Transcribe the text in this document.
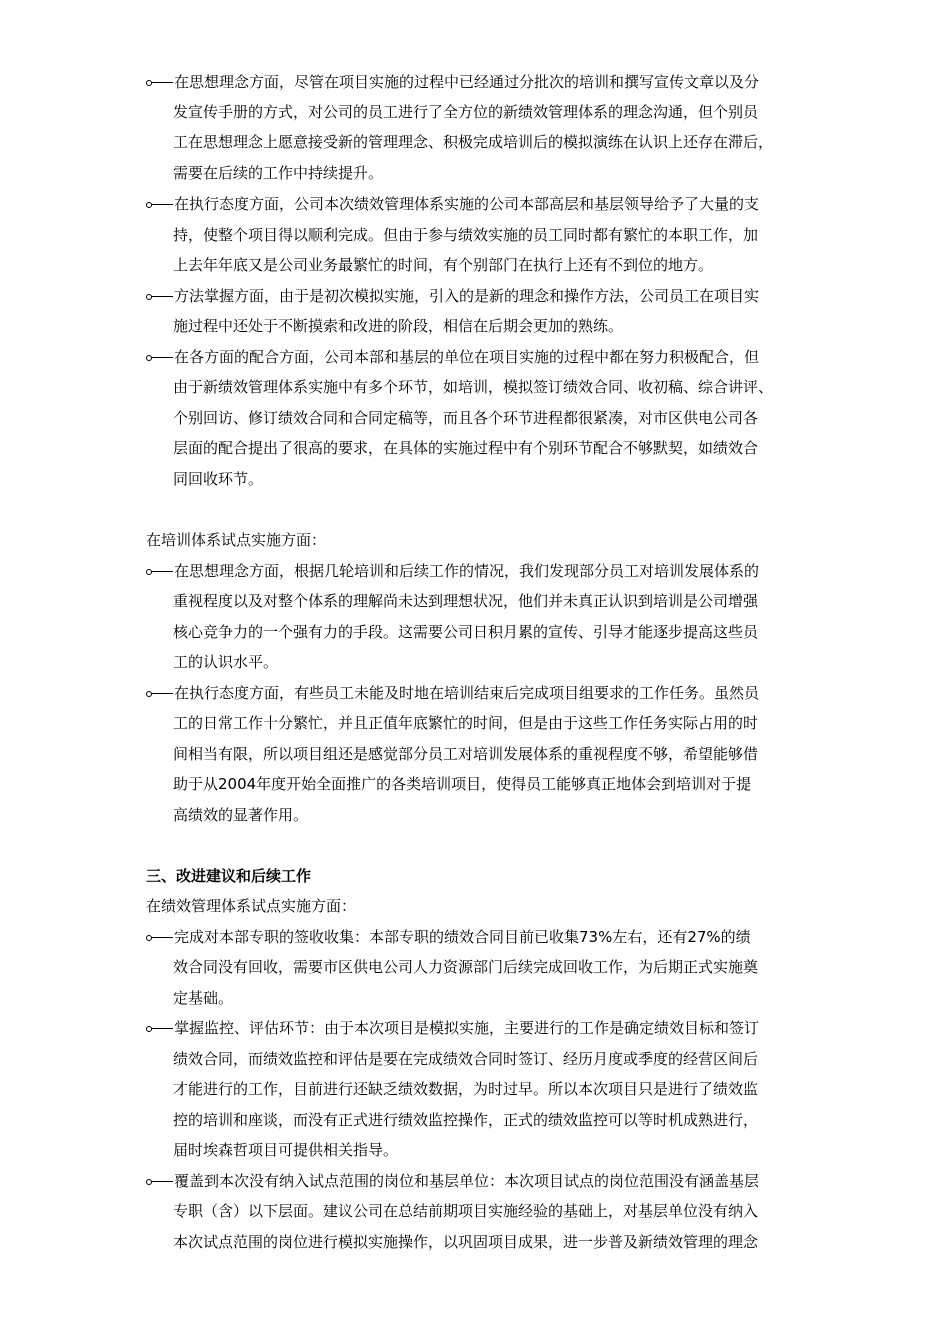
在思想理念方面，尽管在项目实施的过程中已经通过分批次的培训和撰写宣传文章以及分
发宣传手册的方式，对公司的员工进行了全方位的新绩效管理体系的理念沟通，但个别员
工在思想理念上愿意接受新的管理理念、积极完成培训后的模拟演练在认识上还存在滞后，
需要在后续的工作中持续提升。
在执行态度方面，公司本次绩效管理体系实施的公司本部高层和基层领导给予了大量的支
持，使整个项目得以顺利完成。但由于参与绩效实施的员工同时都有繁忙的本职工作，加
上去年年底又是公司业务最繁忙的时间，有个别部门在执行上还有不到位的地方。
方法掌握方面，由于是初次模拟实施，引入的是新的理念和操作方法，公司员工在项目实
施过程中还处于不断摸索和改进的阶段，相信在后期会更加的熟练。
在各方面的配合方面，公司本部和基层的单位在项目实施的过程中都在努力积极配合，但
由于新绩效管理体系实施中有多个环节，如培训，模拟签订绩效合同、收初稿、综合讲评、
个别回访、修订绩效合同和合同定稿等，而且各个环节进程都很紧凑，对市区供电公司各
层面的配合提出了很高的要求，在具体的实施过程中有个别环节配合不够默契，如绩效合
同回收环节。
在培训体系试点实施方面：
在思想理念方面，根据几轮培训和后续工作的情况，我们发现部分员工对培训发展体系的
重视程度以及对整个体系的理解尚未达到理想状况，他们并未真正认识到培训是公司增强
核心竞争力的一个强有力的手段。这需要公司日积月累的宣传、引导才能逐步提高这些员
工的认识水平。
在执行态度方面，有些员工未能及时地在培训结束后完成项目组要求的工作任务。虽然员
工的日常工作十分繁忙，并且正值年底繁忙的时间，但是由于这些工作任务实际占用的时
间相当有限，所以项目组还是感觉部分员工对培训发展体系的重视程度不够，希望能够借
助于从2004年度开始全面推广的各类培训项目，使得员工能够真正地体会到培训对于提
高绩效的显著作用。
三、改进建议和后续工作
在绩效管理体系试点实施方面：
完成对本部专职的签收收集：本部专职的绩效合同目前已收集73%左右，还有27%的绩
效合同没有回收，需要市区供电公司人力资源部门后续完成回收工作，为后期正式实施奠
定基础。
掌握监控、评估环节：由于本次项目是模拟实施，主要进行的工作是确定绩效目标和签订
绩效合同，而绩效监控和评估是要在完成绩效合同时签订、经历月度或季度的经营区间后
才能进行的工作，目前进行还缺乏绩效数据，为时过早。所以本次项目只是进行了绩效监
控的培训和座谈，而没有正式进行绩效监控操作，正式的绩效监控可以等时机成熟进行，
届时埃森哲项目可提供相关指导。
覆盖到本次没有纳入试点范围的岗位和基层单位：本次项目试点的岗位范围没有涵盖基层
专职（含）以下层面。建议公司在总结前期项目实施经验的基础上，对基层单位没有纳入
本次试点范围的岗位进行模拟实施操作，以巩固项目成果，进一步普及新绩效管理的理念
